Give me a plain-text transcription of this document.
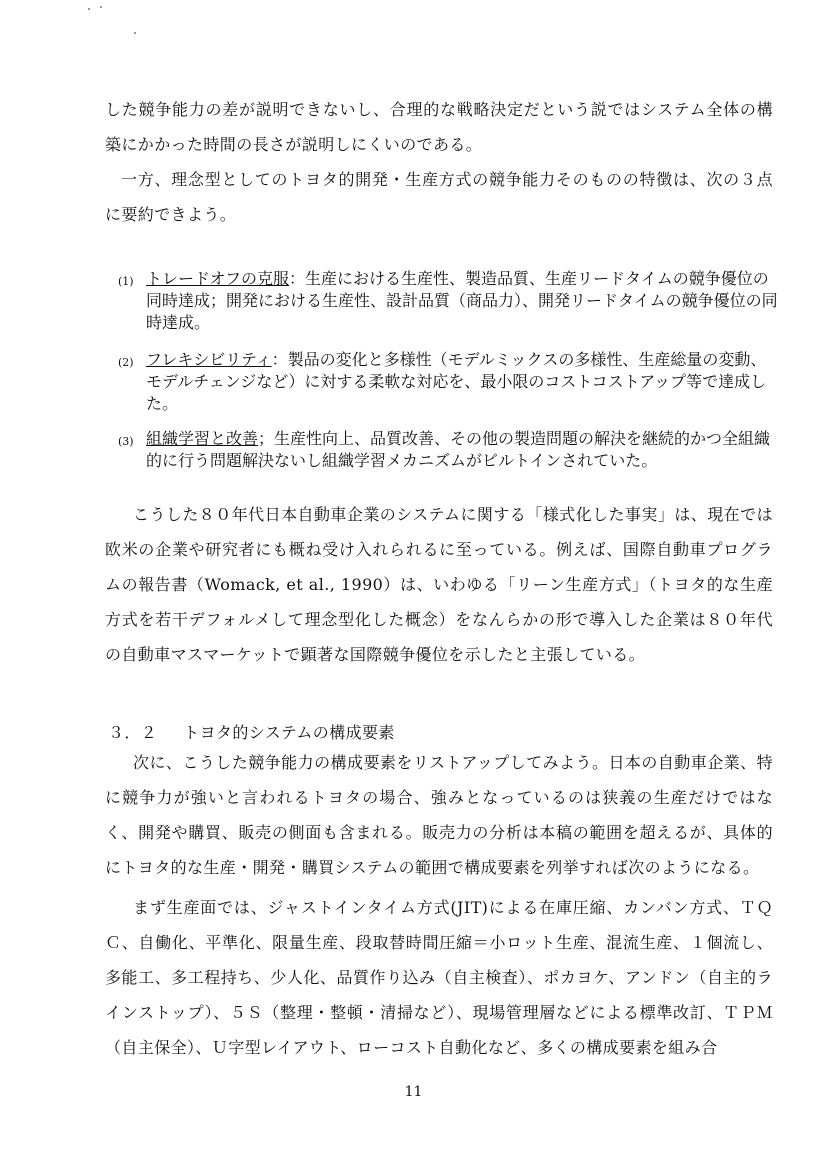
した競争能力の差が説明できないし、合理的な戦略決定だという説ではシステム全体の構築にかかった時間の長さが説明しにくいのである。

一方、理念型としてのトヨタ的開発・生産方式の競争能力そのものの特徴は、次の３点に要約できよう。

(1) トレードオフの克服：生産における生産性、製造品質、生産リードタイムの競争優位の同時達成；開発における生産性、設計品質（商品力）、開発リードタイムの競争優位の同時達成。
(2) フレキシビリティ：製品の変化と多様性（モデルミックスの多様性、生産総量の変動、モデルチェンジなど）に対する柔軟な対応を、最小限のコストコストアップ等で達成した。
(3) 組織学習と改善；生産性向上、品質改善、その他の製造問題の解決を継続的かつ全組織的に行う問題解決ないし組織学習メカニズムがビルトインされていた。

こうした８０年代日本自動車企業のシステムに関する「様式化した事実」は、現在では欧米の企業や研究者にも概ね受け入れられるに至っている。例えば、国際自動車プログラムの報告書（Womack, et al., 1990）は、いわゆる「リーン生産方式」（トヨタ的な生産方式を若干デフォルメして理念型化した概念）をなんらかの形で導入した企業は８０年代の自動車マスマーケットで顕著な国際競争優位を示したと主張している。

３．２ トヨタ的システムの構成要素

次に、こうした競争能力の構成要素をリストアップしてみよう。日本の自動車企業、特に競争力が強いと言われるトヨタの場合、強みとなっているのは狭義の生産だけではなく、開発や購買、販売の側面も含まれる。販売力の分析は本稿の範囲を超えるが、具体的にトヨタ的な生産・開発・購買システムの範囲で構成要素を列挙すれば次のようになる。

まず生産面では、ジャストインタイム方式(JIT)による在庫圧縮、カンバン方式、ＴＱＣ、自働化、平準化、限量生産、段取替時間圧縮＝小ロット生産、混流生産、１個流し、多能工、多工程持ち、少人化、品質作り込み（自主検査）、ポカヨケ、アンドン（自主的ラインストップ）、５Ｓ（整理・整頓・清掃など）、現場管理層などによる標準改訂、ＴＰＭ（自主保全）、Ｕ字型レイアウト、ローコスト自動化など、多くの構成要素を組み合

11
